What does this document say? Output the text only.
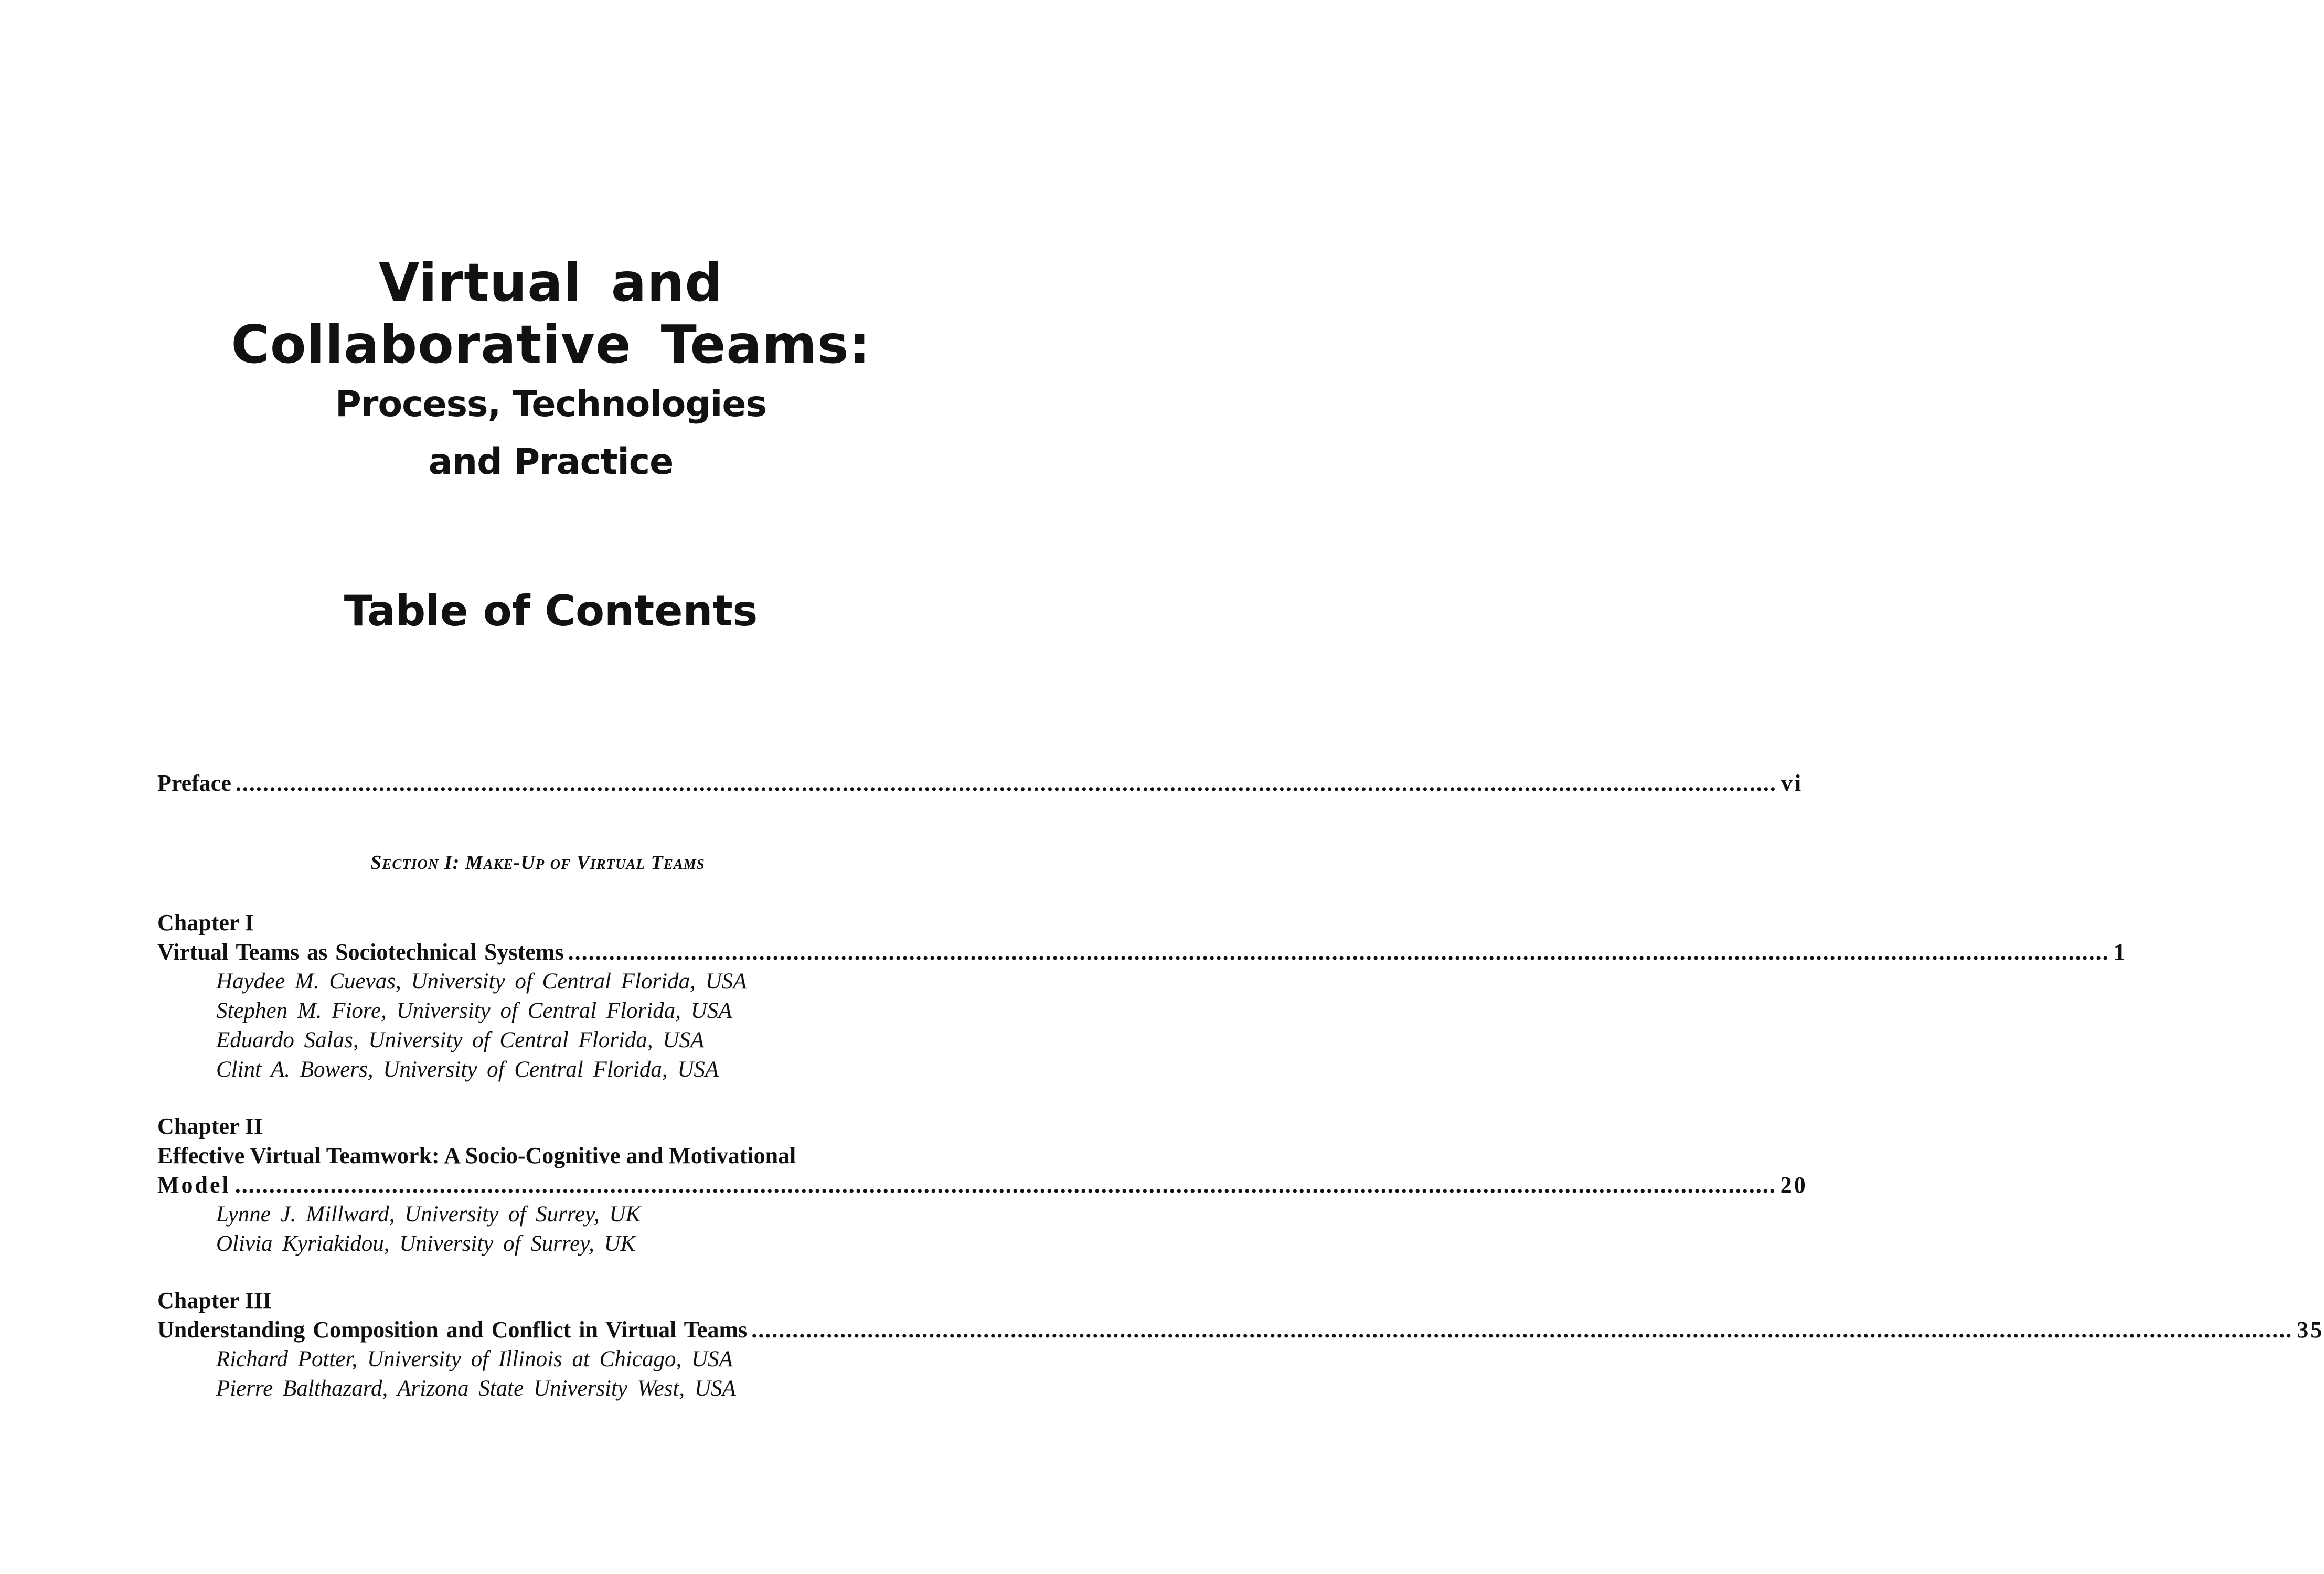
Virtual and
Collaborative Teams:
Process, Technologies
and Practice
Table of Contents
Preface .................................................................................................................................................................................................................................. vi
Section I: Make-Up of Virtual Teams
Chapter I
Virtual Teams as Sociotechnical Systems .................................................................................................................................................................................................................................. 1
Haydee M. Cuevas, University of Central Florida, USA
Stephen M. Fiore, University of Central Florida, USA
Eduardo Salas, University of Central Florida, USA
Clint A. Bowers, University of Central Florida, USA
Chapter II
Effective Virtual Teamwork: A Socio-Cognitive and Motivational
Model .................................................................................................................................................................................................................................. 20
Lynne J. Millward, University of Surrey, UK
Olivia Kyriakidou, University of Surrey, UK
Chapter III
Understanding Composition and Conflict in Virtual Teams .................................................................................................................................................................................................................................. 35
Richard Potter, University of Illinois at Chicago, USA
Pierre Balthazard, Arizona State University West, USA
